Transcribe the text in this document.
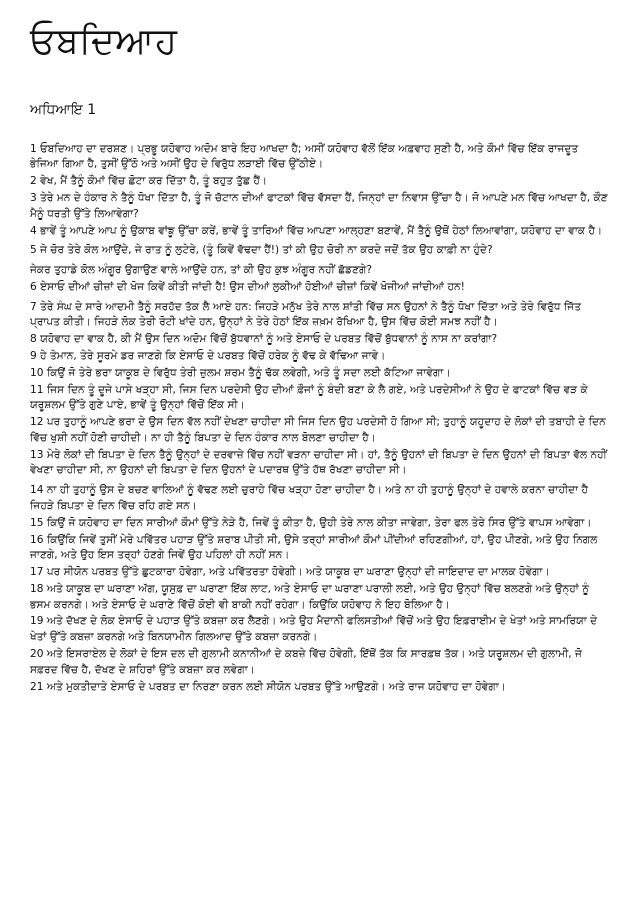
ਓਬਦਿਆਹ
ਅਧਿਆਇ 1

1 ਓਬਦਿਆਹ ਦਾ ਦਰਸ਼ਣ। ਪ੍ਰਭੂ ਯਹੋਵਾਹ ਅਦੋਮ ਬਾਰੇ ਇਹ ਆਖਦਾ ਹੈ; ਅਸੀਂ ਯਹੋਵਾਹ ਵੱਲੋਂ ਇੱਕ ਅਫ਼ਵਾਹ ਸੁਣੀ ਹੈ, ਅਤੇ ਕੌਮਾਂ ਵਿੱਚ ਇੱਕ ਰਾਜਦੂਤ ਭੇਜਿਆ ਗਿਆ ਹੈ, ਤੁਸੀਂ ਉੱਠੋ ਅਤੇ ਅਸੀਂ ਉਹ ਦੇ ਵਿਰੁੱਧ ਲੜਾਈ ਵਿੱਚ ਉੱਠੀਏ।

2 ਵੇਖ, ਮੈਂ ਤੈਨੂੰ ਕੌਮਾਂ ਵਿੱਚ ਛੋਟਾ ਕਰ ਦਿੱਤਾ ਹੈ, ਤੂੰ ਬਹੁਤ ਤੁੱਛ ਹੈਂ।

3 ਤੇਰੇ ਮਨ ਦੇ ਹੰਕਾਰ ਨੇ ਤੈਨੂੰ ਧੋਖਾ ਦਿੱਤਾ ਹੈ, ਤੂੰ ਜੋ ਚੱਟਾਨ ਦੀਆਂ ਫਾਟਕਾਂ ਵਿੱਚ ਵੱਸਦਾ ਹੈਂ, ਜਿਨ੍ਹਾਂ ਦਾ ਨਿਵਾਸ ਉੱਚਾ ਹੈ। ਜੋ ਆਪਣੇ ਮਨ ਵਿੱਚ ਆਖਦਾ ਹੈ, ਕੌਣ ਮੈਨੂੰ ਧਰਤੀ ਉੱਤੇ ਲਿਆਵੇਗਾ?

4 ਭਾਵੇਂ ਤੂੰ ਆਪਣੇ ਆਪ ਨੂੰ ਉਕਾਬ ਵਾਂਙੂ ਉੱਚਾ ਕਰੇਂ, ਭਾਵੇਂ ਤੂੰ ਤਾਰਿਆਂ ਵਿੱਚ ਆਪਣਾ ਆਲ੍ਹਣਾ ਬਣਾਵੇਂ, ਮੈਂ ਤੈਨੂੰ ਉਥੋਂ ਹੇਠਾਂ ਲਿਆਵਾਂਗਾ, ਯਹੋਵਾਹ ਦਾ ਵਾਕ ਹੈ।

5 ਜੇ ਚੋਰ ਤੇਰੇ ਕੋਲ ਆਉਂਦੇ, ਜੇ ਰਾਤ ਨੂੰ ਲੁਟੇਰੇ, (ਤੂੰ ਕਿਵੇਂ ਵੱਢਦਾ ਹੈਂ!) ਤਾਂ ਕੀ ਉਹ ਚੋਰੀ ਨਾ ਕਰਦੇ ਜਦੋਂ ਤੱਕ ਉਹ ਕਾਫ਼ੀ ਨਾ ਹੁੰਦੇ?

ਜੇਕਰ ਤੁਹਾਡੇ ਕੋਲ ਅੰਗੂਰ ਉਗਾਉਣ ਵਾਲੇ ਆਉਂਦੇ ਹਨ, ਤਾਂ ਕੀ ਉਹ ਕੁਝ ਅੰਗੂਰ ਨਹੀਂ ਛੱਡਣਗੇ?

6 ਏਸਾਓ ਦੀਆਂ ਚੀਜ਼ਾਂ ਦੀ ਖੋਜ ਕਿਵੇਂ ਕੀਤੀ ਜਾਂਦੀ ਹੈ! ਉਸ ਦੀਆਂ ਲੁਕੀਆਂ ਹੋਈਆਂ ਚੀਜ਼ਾਂ ਕਿਵੇਂ ਖੋਜੀਆਂ ਜਾਂਦੀਆਂ ਹਨ!

7 ਤੇਰੇ ਸੰਘ ਦੇ ਸਾਰੇ ਆਦਮੀ ਤੈਨੂੰ ਸਰਹੱਦ ਤੱਕ ਲੈ ਆਏ ਹਨ: ਜਿਹੜੇ ਮਨੁੱਖ ਤੇਰੇ ਨਾਲ ਸ਼ਾਂਤੀ ਵਿੱਚ ਸਨ ਉਹਨਾਂ ਨੇ ਤੈਨੂੰ ਧੋਖਾ ਦਿੱਤਾ ਅਤੇ ਤੇਰੇ ਵਿਰੁੱਧ ਜਿੱਤ ਪ੍ਰਾਪਤ ਕੀਤੀ। ਜਿਹੜੇ ਲੋਕ ਤੇਰੀ ਰੋਟੀ ਖਾਂਦੇ ਹਨ, ਉਨ੍ਹਾਂ ਨੇ ਤੇਰੇ ਹੇਠਾਂ ਇੱਕ ਜ਼ਖ਼ਮ ਰੱਖਿਆ ਹੈ, ਉਸ ਵਿੱਚ ਕੋਈ ਸਮਝ ਨਹੀਂ ਹੈ।

8 ਯਹੋਵਾਹ ਦਾ ਵਾਕ ਹੈ, ਕੀ ਮੈਂ ਉਸ ਦਿਨ ਅਦੋਮ ਵਿੱਚੋਂ ਬੁੱਧਵਾਨਾਂ ਨੂੰ ਅਤੇ ਏਸਾਓ ਦੇ ਪਰਬਤ ਵਿੱਚੋਂ ਬੁੱਧਵਾਨਾਂ ਨੂੰ ਨਾਸ ਨਾ ਕਰਾਂਗਾ?

9 ਹੇ ਤੇਮਾਨ, ਤੇਰੇ ਸੂਰਮੇ ਡਰ ਜਾਣਗੇ ਕਿ ਏਸਾਓ ਦੇ ਪਰਬਤ ਵਿੱਚੋਂ ਹਰੇਕ ਨੂੰ ਵੱਢ ਕੇ ਵੱਢਿਆ ਜਾਵੇ।

10 ਕਿਉਂ ਜੋ ਤੇਰੇ ਭਰਾ ਯਾਕੂਬ ਦੇ ਵਿਰੁੱਧ ਤੇਰੀ ਜ਼ੁਲਮ ਸ਼ਰਮ ਤੈਨੂੰ ਢੱਕ ਲਵੇਗੀ, ਅਤੇ ਤੂੰ ਸਦਾ ਲਈ ਕੱਟਿਆ ਜਾਵੇਗਾ।

11 ਜਿਸ ਦਿਨ ਤੂੰ ਦੂਜੇ ਪਾਸੇ ਖੜ੍ਹਾ ਸੀ, ਜਿਸ ਦਿਨ ਪਰਦੇਸੀ ਉਹ ਦੀਆਂ ਫ਼ੌਜਾਂ ਨੂੰ ਬੰਦੀ ਬਣਾ ਕੇ ਲੈ ਗਏ, ਅਤੇ ਪਰਦੇਸੀਆਂ ਨੇ ਉਹ ਦੇ ਫਾਟਕਾਂ ਵਿੱਚ ਵੜ ਕੇ ਯਰੂਸ਼ਲਮ ਉੱਤੇ ਗੁਣੇ ਪਾਏ, ਭਾਵੇਂ ਤੂੰ ਉਨ੍ਹਾਂ ਵਿੱਚੋਂ ਇੱਕ ਸੀ।

12 ਪਰ ਤੁਹਾਨੂੰ ਆਪਣੇ ਭਰਾ ਦੇ ਉਸ ਦਿਨ ਵੱਲ ਨਹੀਂ ਦੇਖਣਾ ਚਾਹੀਦਾ ਸੀ ਜਿਸ ਦਿਨ ਉਹ ਪਰਦੇਸੀ ਹੋ ਗਿਆ ਸੀ; ਤੁਹਾਨੂੰ ਯਹੂਦਾਹ ਦੇ ਲੋਕਾਂ ਦੀ ਤਬਾਹੀ ਦੇ ਦਿਨ ਵਿੱਚ ਖੁਸ਼ੀ ਨਹੀਂ ਹੋਣੀ ਚਾਹੀਦੀ। ਨਾ ਹੀ ਤੈਨੂੰ ਬਿਪਤਾ ਦੇ ਦਿਨ ਹੰਕਾਰ ਨਾਲ ਬੋਲਣਾ ਚਾਹੀਦਾ ਹੈ।

13 ਮੇਰੇ ਲੋਕਾਂ ਦੀ ਬਿਪਤਾ ਦੇ ਦਿਨ ਤੈਨੂੰ ਉਨ੍ਹਾਂ ਦੇ ਦਰਵਾਜ਼ੇ ਵਿੱਚ ਨਹੀਂ ਵੜਨਾ ਚਾਹੀਦਾ ਸੀ। ਹਾਂ, ਤੈਨੂੰ ਉਹਨਾਂ ਦੀ ਬਿਪਤਾ ਦੇ ਦਿਨ ਉਹਨਾਂ ਦੀ ਬਿਪਤਾ ਵੱਲ ਨਹੀਂ ਵੇਖਣਾ ਚਾਹੀਦਾ ਸੀ, ਨਾ ਉਹਨਾਂ ਦੀ ਬਿਪਤਾ ਦੇ ਦਿਨ ਉਹਨਾਂ ਦੇ ਪਦਾਰਥ ਉੱਤੇ ਹੱਥ ਰੱਖਣਾ ਚਾਹੀਦਾ ਸੀ।

14 ਨਾ ਹੀ ਤੁਹਾਨੂੰ ਉਸ ਦੇ ਬਚਣ ਵਾਲਿਆਂ ਨੂੰ ਵੱਢਣ ਲਈ ਚੁਰਾਹੇ ਵਿੱਚ ਖੜ੍ਹਾ ਹੋਣਾ ਚਾਹੀਦਾ ਹੈ। ਅਤੇ ਨਾ ਹੀ ਤੁਹਾਨੂੰ ਉਨ੍ਹਾਂ ਦੇ ਹਵਾਲੇ ਕਰਨਾ ਚਾਹੀਦਾ ਹੈ ਜਿਹੜੇ ਬਿਪਤਾ ਦੇ ਦਿਨ ਵਿੱਚ ਰਹਿ ਗਏ ਸਨ।

15 ਕਿਉਂ ਜੋ ਯਹੋਵਾਹ ਦਾ ਦਿਨ ਸਾਰੀਆਂ ਕੌਮਾਂ ਉੱਤੇ ਨੇੜੇ ਹੈ, ਜਿਵੇਂ ਤੂੰ ਕੀਤਾ ਹੈ, ਉਹੀ ਤੇਰੇ ਨਾਲ ਕੀਤਾ ਜਾਵੇਗਾ, ਤੇਰਾ ਫਲ ਤੇਰੇ ਸਿਰ ਉੱਤੇ ਵਾਪਸ ਆਵੇਗਾ।

16 ਕਿਉਂਕਿ ਜਿਵੇਂ ਤੁਸੀਂ ਮੇਰੇ ਪਵਿੱਤਰ ਪਹਾੜ ਉੱਤੇ ਸ਼ਰਾਬ ਪੀਤੀ ਸੀ, ਉਸੇ ਤਰ੍ਹਾਂ ਸਾਰੀਆਂ ਕੌਮਾਂ ਪੀਂਦੀਆਂ ਰਹਿਣਗੀਆਂ, ਹਾਂ, ਉਹ ਪੀਣਗੇ, ਅਤੇ ਉਹ ਨਿਗਲ ਜਾਣਗੇ, ਅਤੇ ਉਹ ਇਸ ਤਰ੍ਹਾਂ ਹੋਣਗੇ ਜਿਵੇਂ ਉਹ ਪਹਿਲਾਂ ਹੀ ਨਹੀਂ ਸਨ।

17 ਪਰ ਸੀਯੋਨ ਪਰਬਤ ਉੱਤੇ ਛੁਟਕਾਰਾ ਹੋਵੇਗਾ, ਅਤੇ ਪਵਿੱਤਰਤਾ ਹੋਵੇਗੀ। ਅਤੇ ਯਾਕੂਬ ਦਾ ਘਰਾਣਾ ਉਨ੍ਹਾਂ ਦੀ ਜਾਇਦਾਦ ਦਾ ਮਾਲਕ ਹੋਵੇਗਾ।

18 ਅਤੇ ਯਾਕੂਬ ਦਾ ਘਰਾਣਾ ਅੱਗ, ਯੂਸੁਫ਼ ਦਾ ਘਰਾਣਾ ਇੱਕ ਲਾਟ, ਅਤੇ ਏਸਾਓ ਦਾ ਘਰਾਣਾ ਪਰਾਲੀ ਲਈ, ਅਤੇ ਉਹ ਉਨ੍ਹਾਂ ਵਿੱਚ ਬਲਣਗੇ ਅਤੇ ਉਨ੍ਹਾਂ ਨੂੰ ਭਸਮ ਕਰਨਗੇ। ਅਤੇ ਏਸਾਓ ਦੇ ਘਰਾਣੇ ਵਿੱਚੋਂ ਕੋਈ ਵੀ ਬਾਕੀ ਨਹੀਂ ਰਹੇਗਾ। ਕਿਉਂਕਿ ਯਹੋਵਾਹ ਨੇ ਇਹ ਬੋਲਿਆ ਹੈ।

19 ਅਤੇ ਦੱਖਣ ਦੇ ਲੋਕ ਏਸਾਓ ਦੇ ਪਹਾੜ ਉੱਤੇ ਕਬਜ਼ਾ ਕਰ ਲੈਣਗੇ। ਅਤੇ ਉਹ ਮੈਦਾਨੀ ਫਲਿਸਤੀਆਂ ਵਿੱਚੋਂ ਅਤੇ ਉਹ ਇਫ਼ਰਾਈਮ ਦੇ ਖੇਤਾਂ ਅਤੇ ਸਾਮਰਿਯਾ ਦੇ ਖੇਤਾਂ ਉੱਤੇ ਕਬਜ਼ਾ ਕਰਨਗੇ ਅਤੇ ਬਿਨਯਾਮੀਨ ਗਿਲਆਦ ਉੱਤੇ ਕਬਜ਼ਾ ਕਰਨਗੇ।

20 ਅਤੇ ਇਸਰਾਏਲ ਦੇ ਲੋਕਾਂ ਦੇ ਇਸ ਦਲ ਦੀ ਗੁਲਾਮੀ ਕਨਾਨੀਆਂ ਦੇ ਕਬਜ਼ੇ ਵਿੱਚ ਹੋਵੇਗੀ, ਇੱਥੋਂ ਤੱਕ ਕਿ ਸਾਰਫ਼ਥ ਤੱਕ। ਅਤੇ ਯਰੂਸ਼ਲਮ ਦੀ ਗੁਲਾਮੀ, ਜੋ ਸਫ਼ਰਦ ਵਿੱਚ ਹੈ, ਦੱਖਣ ਦੇ ਸ਼ਹਿਰਾਂ ਉੱਤੇ ਕਬਜ਼ਾ ਕਰ ਲਵੇਗਾ।

21 ਅਤੇ ਮੁਕਤੀਦਾਤੇ ਏਸਾਓ ਦੇ ਪਰਬਤ ਦਾ ਨਿਰਣਾ ਕਰਨ ਲਈ ਸੀਯੋਨ ਪਰਬਤ ਉੱਤੇ ਆਉਣਗੇ। ਅਤੇ ਰਾਜ ਯਹੋਵਾਹ ਦਾ ਹੋਵੇਗਾ।
